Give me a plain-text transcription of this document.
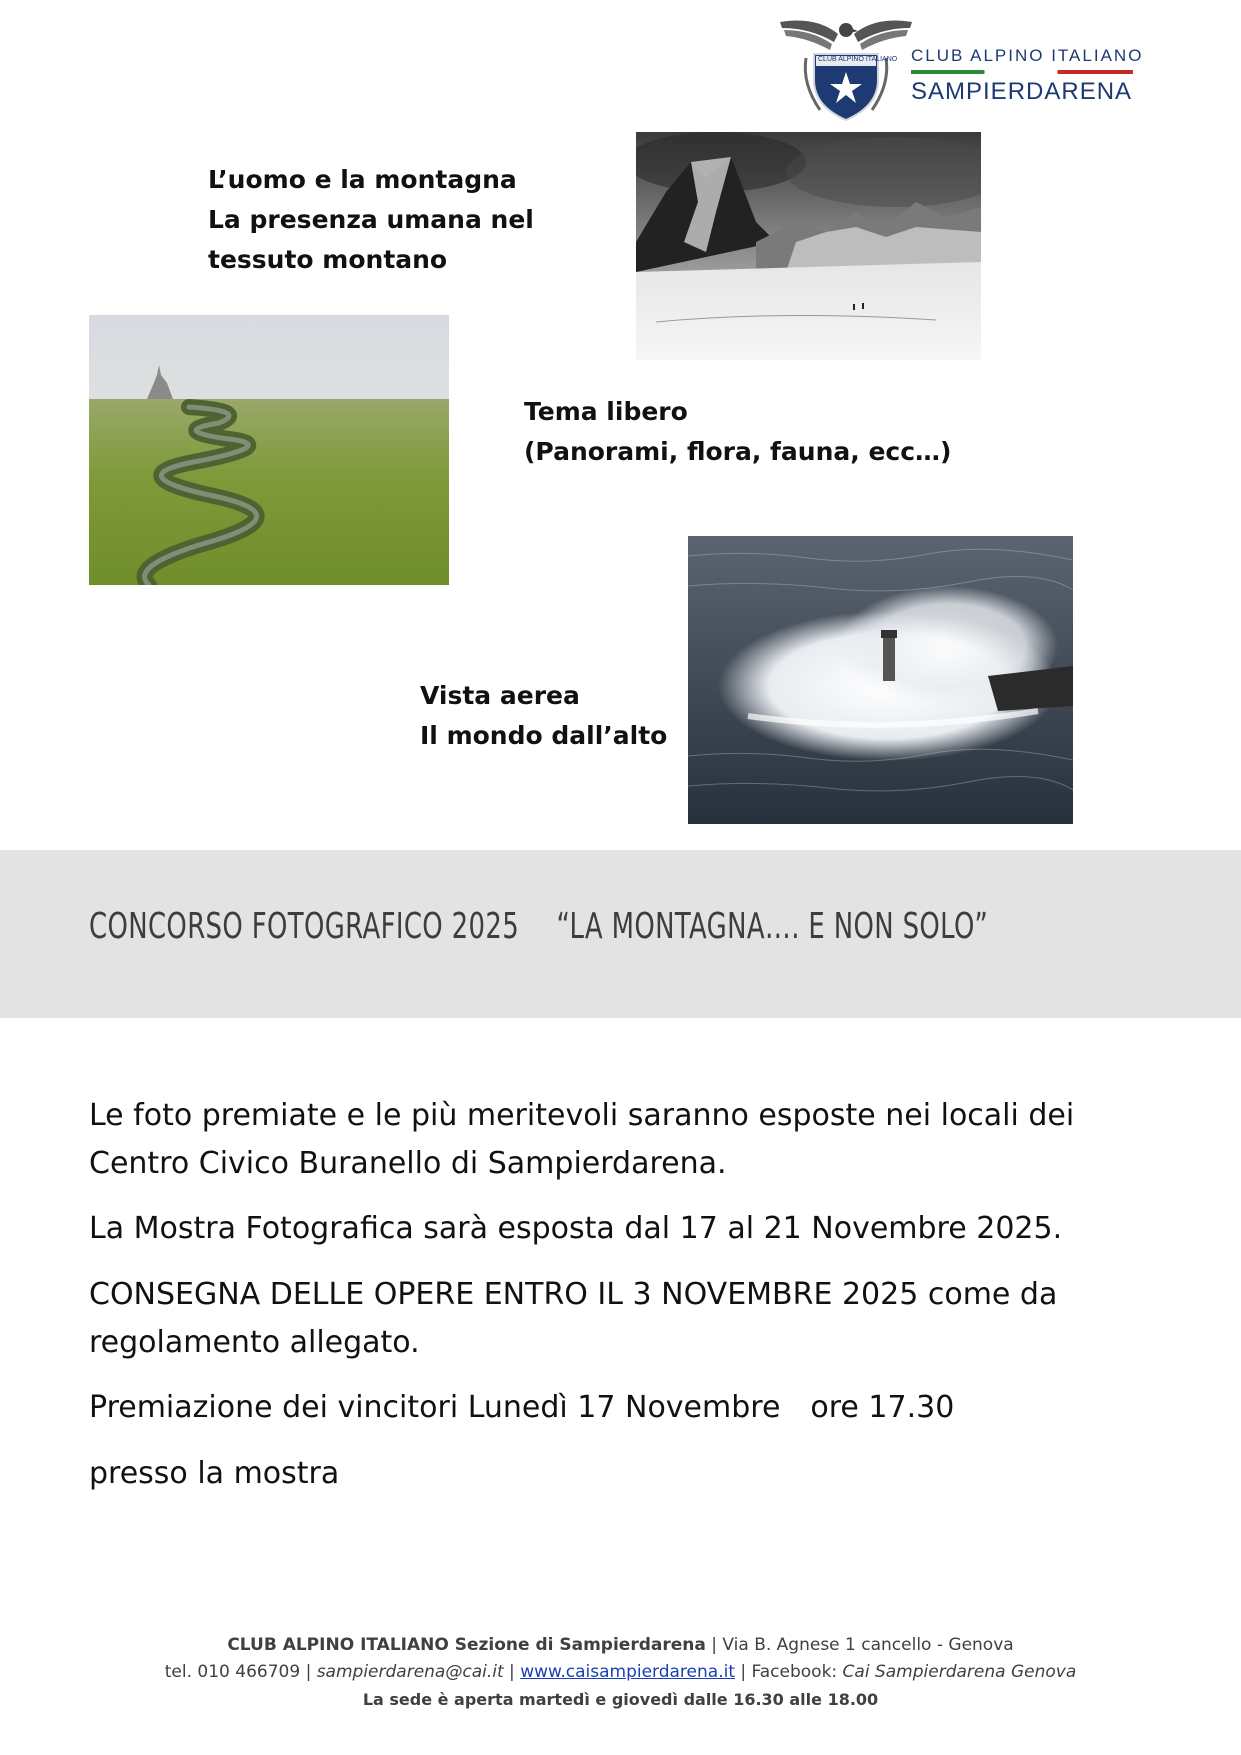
CLUB ALPINO ITALIANO CLUB ALPINO ITALIANO
SAMPIERDARENA
L’uomo e la montagna
La presenza umana nel
tessuto montano
Tema libero
(Panorami, flora, fauna, ecc…)
Vista aerea
Il mondo dall’alto
CONCORSO FOTOGRAFICO 2025 “LA MONTAGNA…. E NON SOLO”
Le foto premiate e le più meritevoli saranno esposte nei locali dei Centro Civico Buranello di Sampierdarena.
La Mostra Fotografica sarà esposta dal 17 al 21 Novembre 2025.
CONSEGNA DELLE OPERE ENTRO IL 3 NOVEMBRE 2025 come da regolamento allegato.
Premiazione dei vincitori Lunedì 17 Novembre ore 17.30
presso la mostra
CLUB ALPINO ITALIANO Sezione di Sampierdarena | Via B. Agnese 1 cancello - Genova
tel. 010 466709 | sampierdarena@cai.it | www.caisampierdarena.it | Facebook: Cai Sampierdarena Genova
La sede è aperta martedì e giovedì dalle 16.30 alle 18.00
